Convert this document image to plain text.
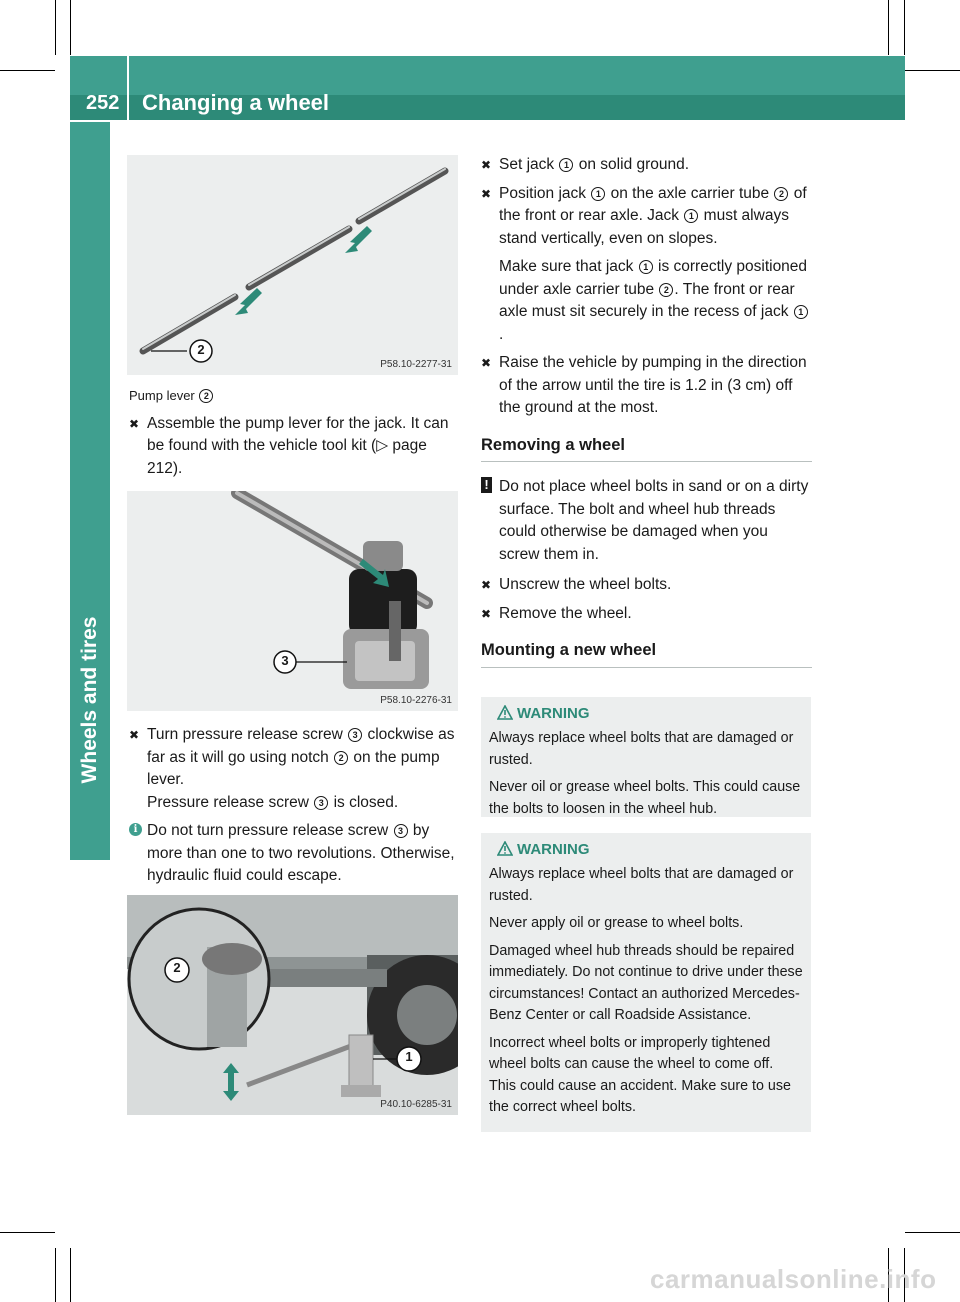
252 Changing a wheel
Wheels and tires
2
P58.10-2277-31
Pump lever 2
✖ Assemble the pump lever for the jack. It can be found with the vehicle tool kit (▷ page 212).
3
P58.10-2276-31
✖ Turn pressure release screw 3 clockwise as far as it will go using notch 2 on the pump lever.
Pressure release screw 3 is closed.
i Do not turn pressure release screw 3 by more than one to two revolutions. Otherwise, hydraulic fluid could escape.
2
1
P40.10-6285-31
✖ Set jack 1 on solid ground.
✖ Position jack 1 on the axle carrier tube 2 of the front or rear axle. Jack 1 must always stand vertically, even on slopes.
Make sure that jack 1 is correctly positioned under axle carrier tube 2 . The front or rear axle must sit securely in the recess of jack 1.
✖ Raise the vehicle by pumping in the direction of the arrow until the tire is 1.2 in (3 cm) off the ground at the most.
Removing a wheel
! Do not place wheel bolts in sand or on a dirty surface. The bolt and wheel hub threads could otherwise be damaged when you screw them in.
✖ Unscrew the wheel bolts.
✖ Remove the wheel.
Mounting a new wheel
WARNING

Always replace wheel bolts that are damaged or rusted.

Never oil or grease wheel bolts. This could cause the bolts to loosen in the wheel hub.

WARNING

Always replace wheel bolts that are damaged or rusted.

Never apply oil or grease to wheel bolts.

Damaged wheel hub threads should be repaired immediately. Do not continue to drive under these circumstances! Contact an authorized Mercedes-Benz Center or call Roadside Assistance.

Incorrect wheel bolts or improperly tightened wheel bolts can cause the wheel to come off. This could cause an accident. Make sure to use the correct wheel bolts.

carmanualsonline.info
